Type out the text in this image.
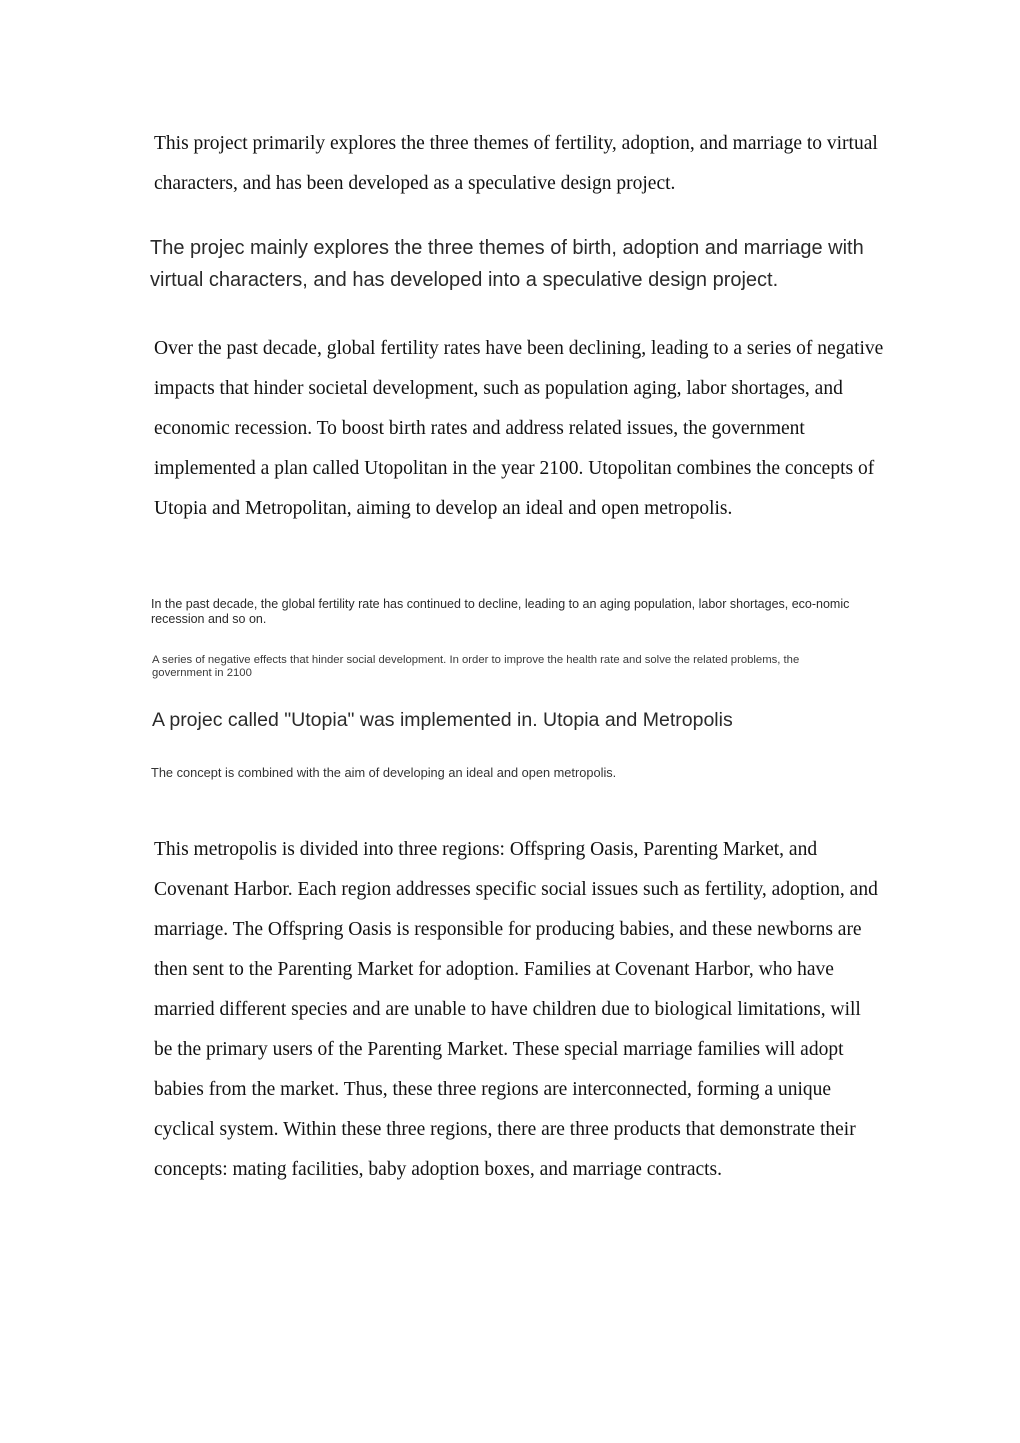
This project primarily explores the three themes of fertility, adoption, and marriage to virtual characters, and has been developed as a speculative design project.

The projec mainly explores the three themes of birth, adoption and marriage with virtual characters, and has developed into a speculative design project.

Over the past decade, global fertility rates have been declining, leading to a series of negative impacts that hinder societal development, such as population aging, labor shortages, and economic recession. To boost birth rates and address related issues, the government implemented a plan called Utopolitan in the year 2100. Utopolitan combines the concepts of Utopia and Metropolitan, aiming to develop an ideal and open metropolis.

In the past decade, the global fertility rate has continued to decline, leading to an aging population, labor shortages, eco-nomic recession and so on.

A series of negative effects that hinder social development. In order to improve the health rate and solve the related problems, the government in 2100

A projec called "Utopia" was implemented in. Utopia and Metropolis

The concept is combined with the aim of developing an ideal and open metropolis.

This metropolis is divided into three regions: Offspring Oasis, Parenting Market, and Covenant Harbor. Each region addresses specific social issues such as fertility, adoption, and marriage. The Offspring Oasis is responsible for producing babies, and these newborns are then sent to the Parenting Market for adoption. Families at Covenant Harbor, who have married different species and are unable to have children due to biological limitations, will be the primary users of the Parenting Market. These special marriage families will adopt babies from the market. Thus, these three regions are interconnected, forming a unique cyclical system. Within these three regions, there are three products that demonstrate their concepts: mating facilities, baby adoption boxes, and marriage contracts.
